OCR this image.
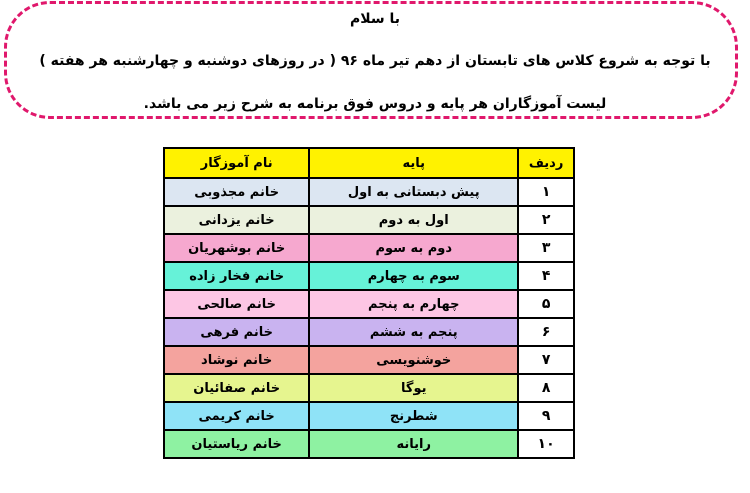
با سلام
با توجه به شروع کلاس های تابستان از دهم تیر ماه ۹۶ ( در روزهای دوشنبه و چهارشنبه هر هفته )
لیست آموزگاران هر پایه و دروس فوق برنامه به شرح زیر می باشد.
ردیف	پایه	نام آموزگار
۱	پیش دبستانی به اول	خانم مجذوبی
۲	اول به دوم	خانم یزدانی
۳	دوم به سوم	خانم بوشهریان
۴	سوم به چهارم	خانم فخار زاده
۵	چهارم به پنجم	خانم صالحی
۶	پنجم به ششم	خانم فرهی
۷	خوشنویسی	خانم نوشاد
۸	یوگا	خانم صفائیان
۹	شطرنج	خانم کریمی
۱۰	رایانه	خانم ریاستیان
